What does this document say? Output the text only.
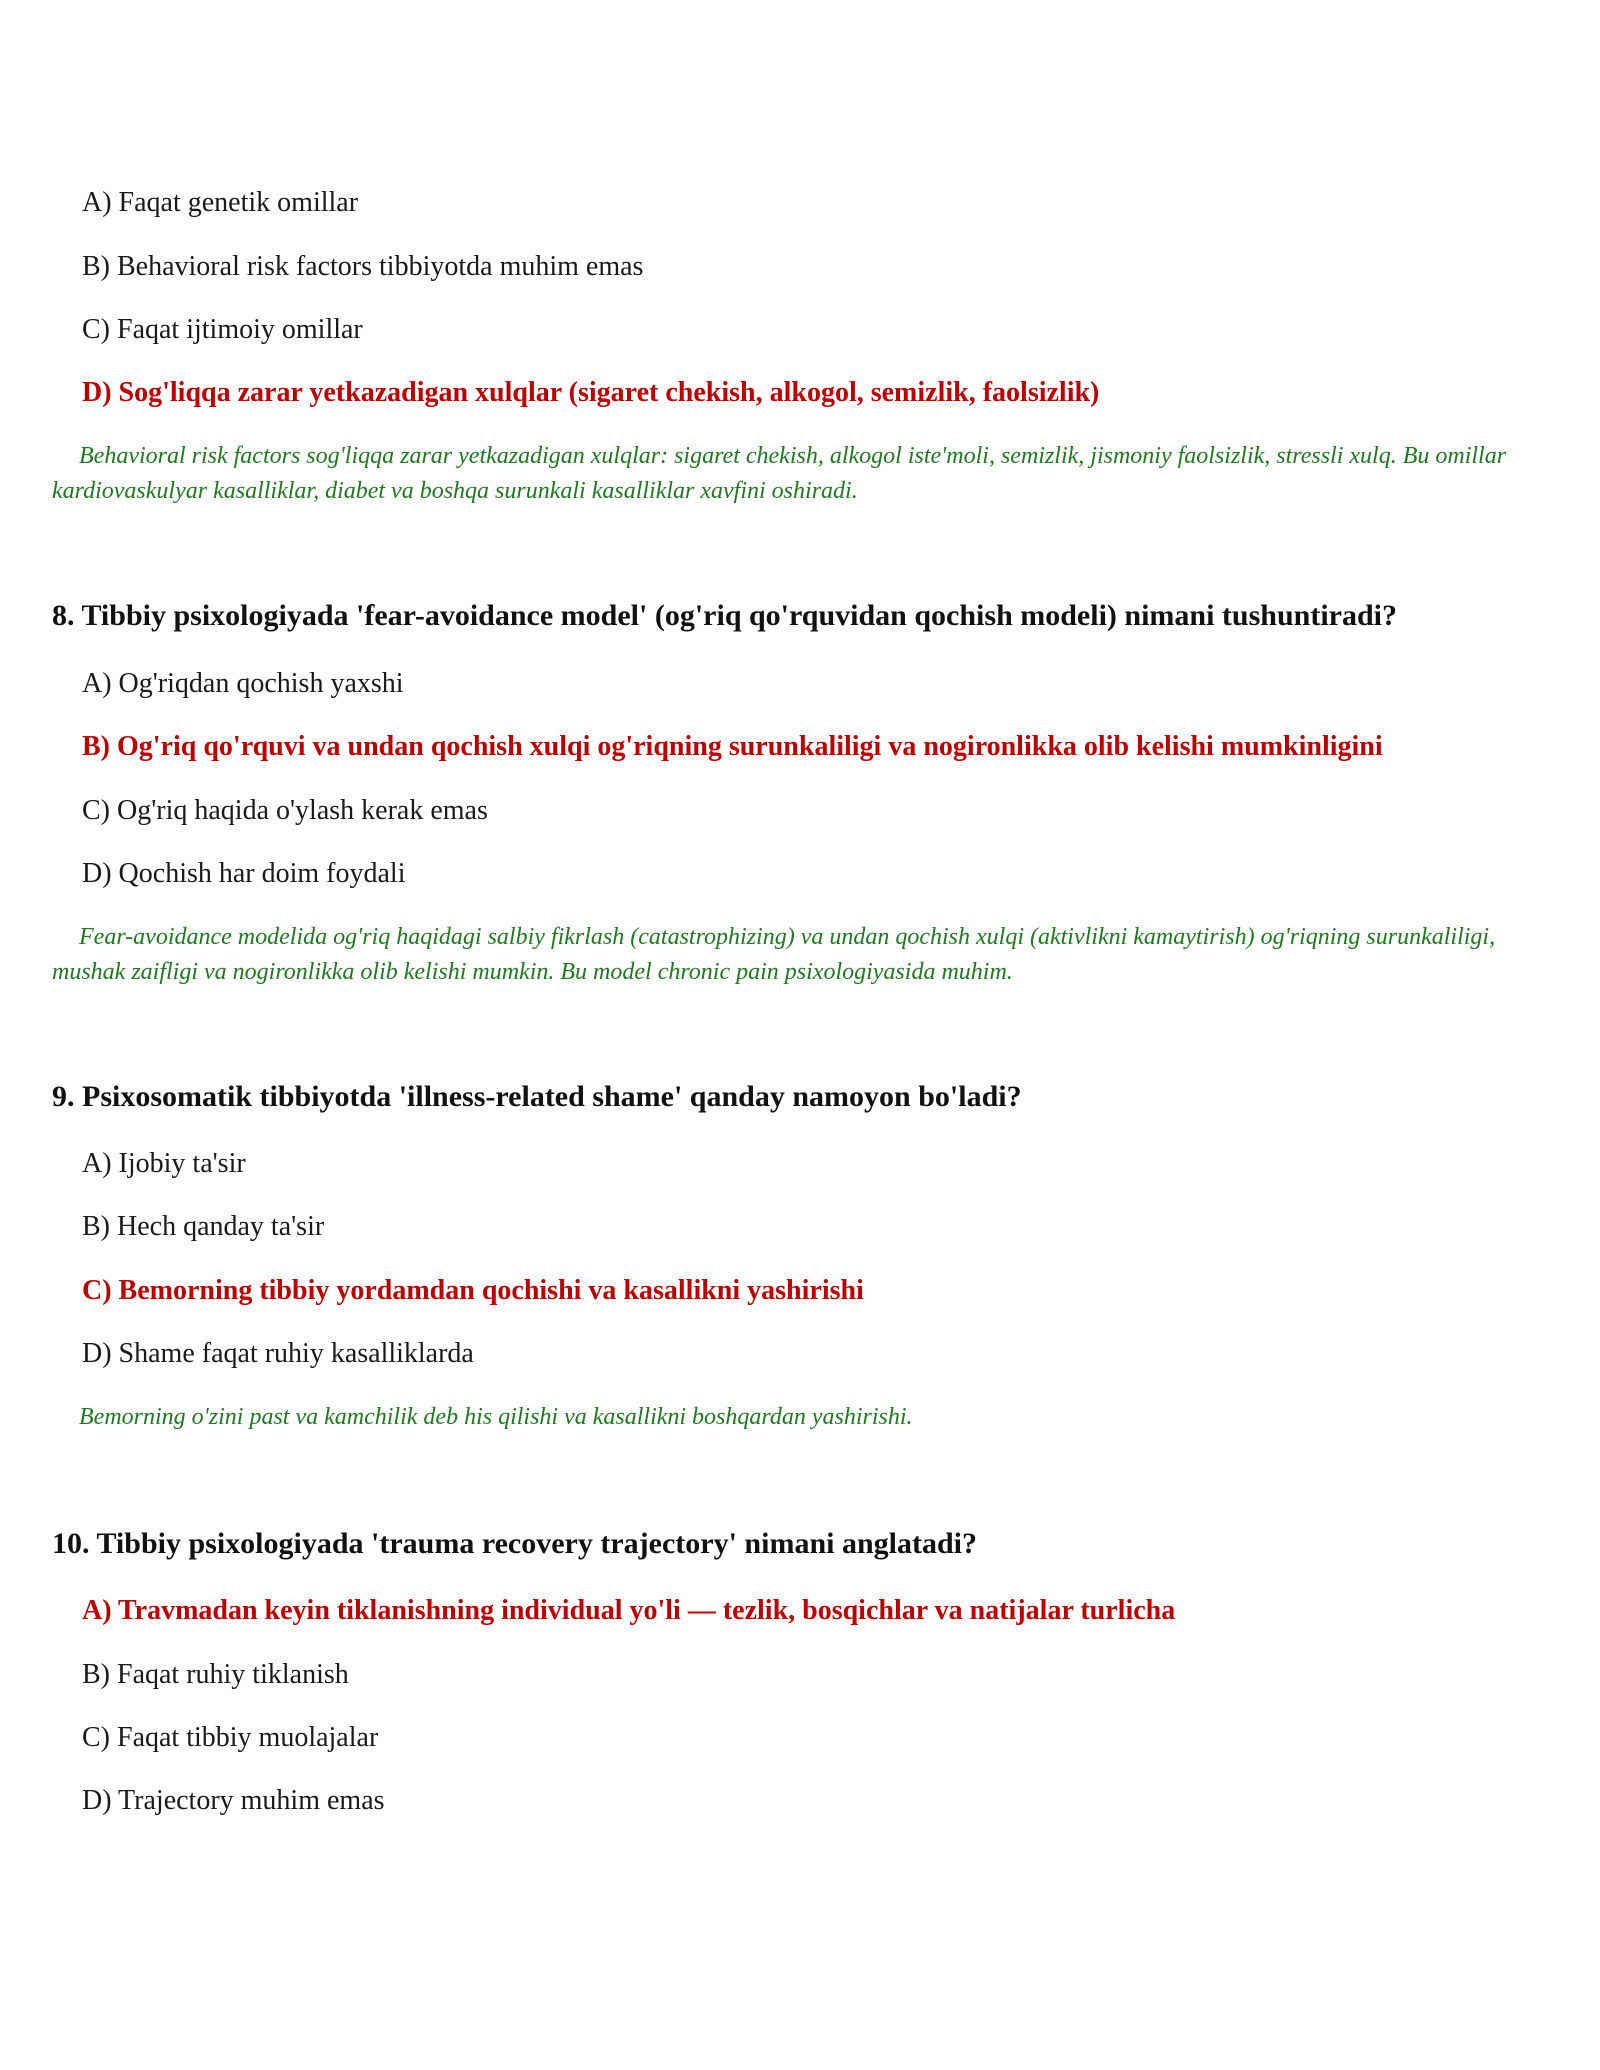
A) Faqat genetik omillar
B) Behavioral risk factors tibbiyotda muhim emas
C) Faqat ijtimoiy omillar
D) Sog'liqqa zarar yetkazadigan xulqlar (sigaret chekish, alkogol, semizlik, faolsizlik)
Behavioral risk factors sog'liqqa zarar yetkazadigan xulqlar: sigaret chekish, alkogol iste'moli, semizlik, jismoniy faolsizlik, stressli xulq. Bu omillar kardiovaskulyar kasalliklar, diabet va boshqa surunkali kasalliklar xavfini oshiradi.
8. Tibbiy psixologiyada 'fear-avoidance model' (og'riq qo'rquvidan qochish modeli) nimani tushuntiradi?
A) Og'riqdan qochish yaxshi
B) Og'riq qo'rquvi va undan qochish xulqi og'riqning surunkaliligi va nogironlikka olib kelishi mumkinligini
C) Og'riq haqida o'ylash kerak emas
D) Qochish har doim foydali
Fear-avoidance modelida og'riq haqidagi salbiy fikrlash (catastrophizing) va undan qochish xulqi (aktivlikni kamaytirish) og'riqning surunkaliligi, mushak zaifligi va nogironlikka olib kelishi mumkin. Bu model chronic pain psixologiyasida muhim.
9. Psixosomatik tibbiyotda 'illness-related shame' qanday namoyon bo'ladi?
A) Ijobiy ta'sir
B) Hech qanday ta'sir
C) Bemorning tibbiy yordamdan qochishi va kasallikni yashirishi
D) Shame faqat ruhiy kasalliklarda
Bemorning o'zini past va kamchilik deb his qilishi va kasallikni boshqardan yashirishi.
10. Tibbiy psixologiyada 'trauma recovery trajectory' nimani anglatadi?
A) Travmadan keyin tiklanishning individual yo'li — tezlik, bosqichlar va natijalar turlicha
B) Faqat ruhiy tiklanish
C) Faqat tibbiy muolajalar
D) Trajectory muhim emas
